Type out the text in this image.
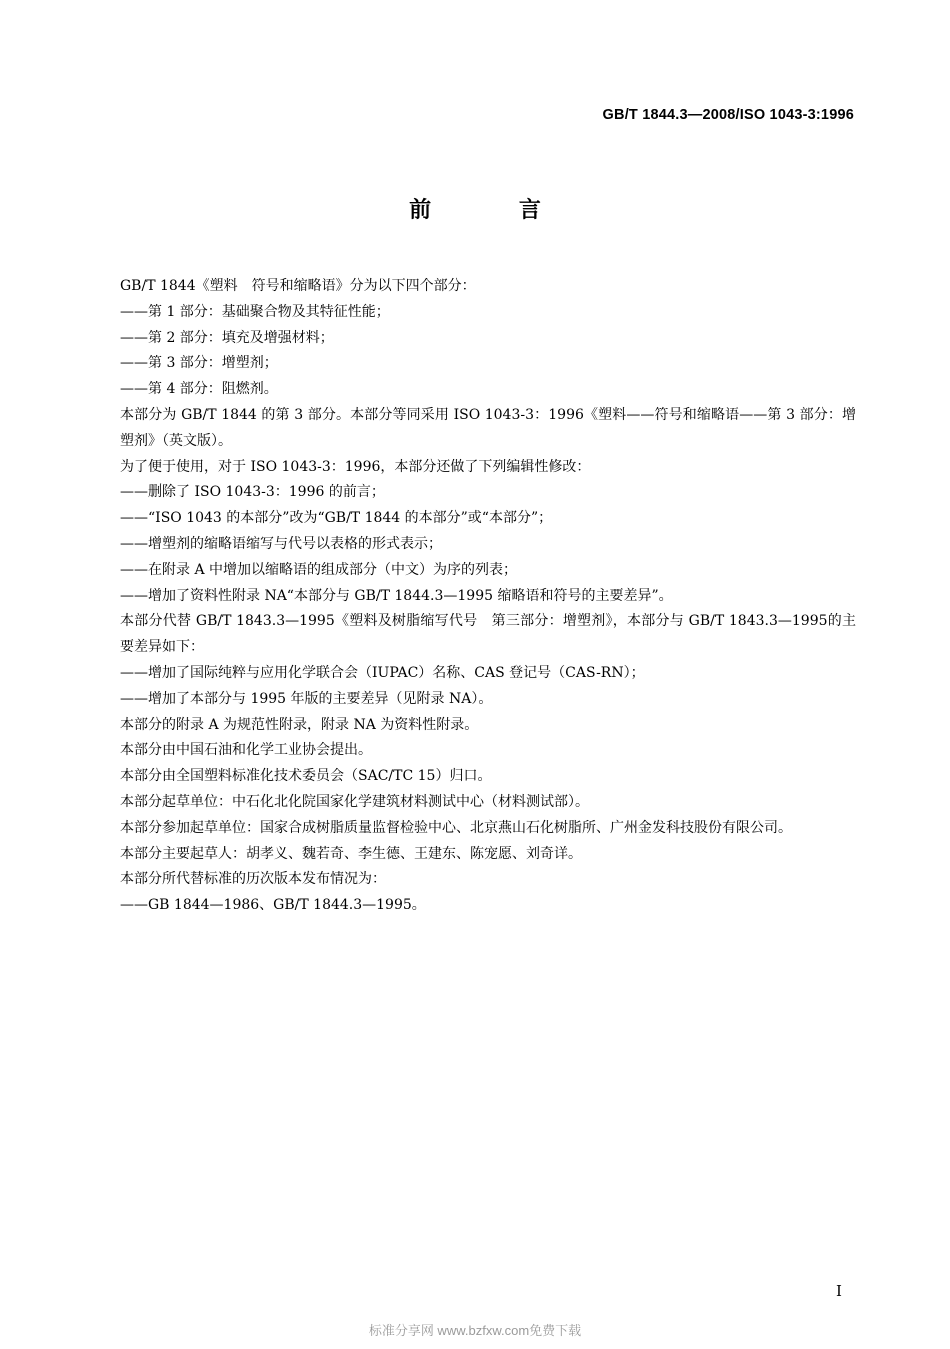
GB/T 1844.3—2008/ISO 1043-3:1996
前 言

GB/T 1844《塑料　符号和缩略语》分为以下四个部分：

——第 1 部分：基础聚合物及其特征性能；

——第 2 部分：填充及增强材料；

——第 3 部分：增塑剂；

——第 4 部分：阻燃剂。

本部分为 GB/T 1844 的第 3 部分。本部分等同采用 ISO 1043-3：1996《塑料——符号和缩略语——第 3 部分：增塑剂》（英文版）。

为了便于使用，对于 ISO 1043-3：1996，本部分还做了下列编辑性修改：

——删除了 ISO 1043-3：1996 的前言；

——“ISO 1043 的本部分”改为“GB/T 1844 的本部分”或“本部分”；

——增塑剂的缩略语缩写与代号以表格的形式表示；

——在附录 A 中增加以缩略语的组成部分（中文）为序的列表；

——增加了资料性附录 NA“本部分与 GB/T 1844.3—1995 缩略语和符号的主要差异”。

本部分代替 GB/T 1843.3—1995《塑料及树脂缩写代号　第三部分：增塑剂》，本部分与 GB/T 1843.3—1995的主要差异如下：

——增加了国际纯粹与应用化学联合会（IUPAC）名称、CAS 登记号（CAS-RN）；

——增加了本部分与 1995 年版的主要差异（见附录 NA）。

本部分的附录 A 为规范性附录，附录 NA 为资料性附录。

本部分由中国石油和化学工业协会提出。

本部分由全国塑料标准化技术委员会（SAC/TC 15）归口。

本部分起草单位：中石化北化院国家化学建筑材料测试中心（材料测试部）。

本部分参加起草单位：国家合成树脂质量监督检验中心、北京燕山石化树脂所、广州金发科技股份有限公司。

本部分主要起草人：胡孝义、魏若奇、李生德、王建东、陈宠愿、刘奇详。

本部分所代替标准的历次版本发布情况为：

——GB 1844—1986、GB/T 1844.3—1995。

I
标准分享网 www.bzfxw.com免费下载
